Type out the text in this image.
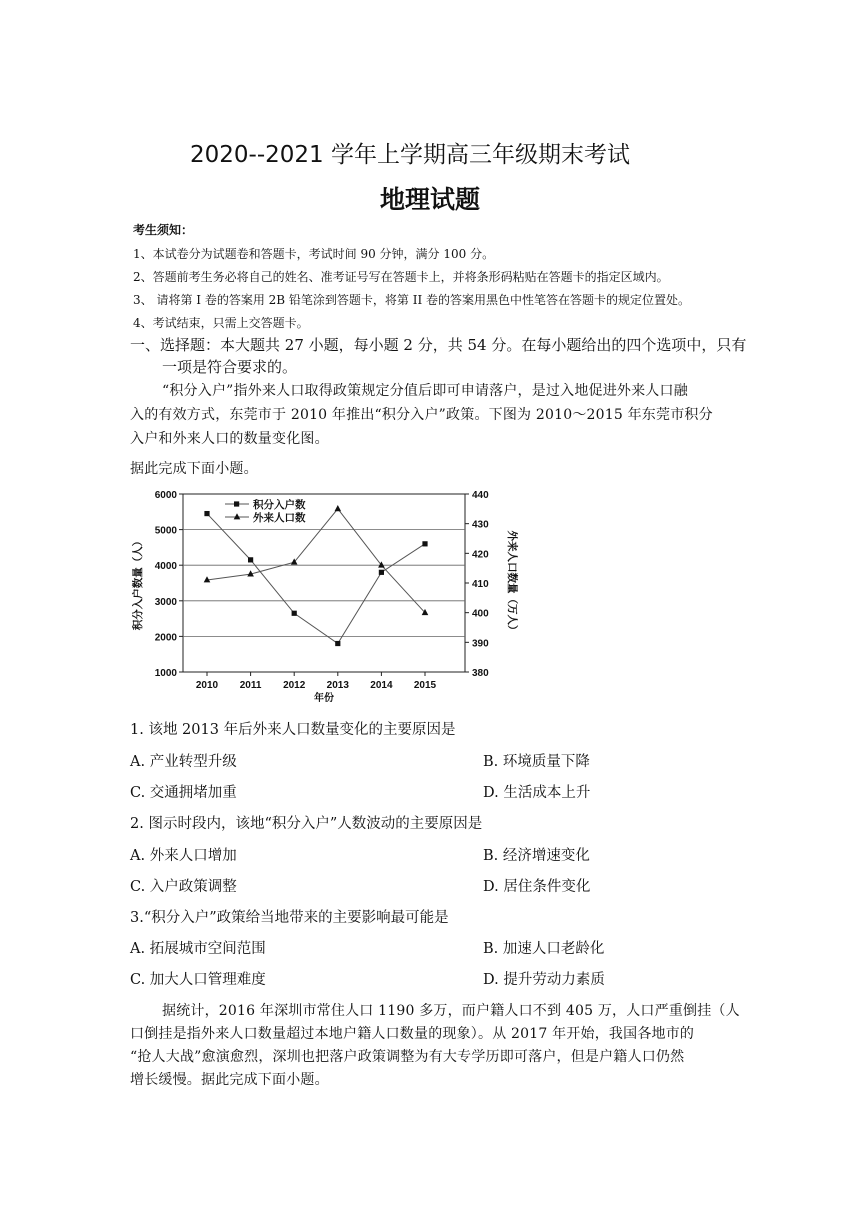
2020--2021 学年上学期高三年级期末考试
地理试题
考生须知：
1、本试卷分为试题卷和答题卡，考试时间 90 分钟，满分 100 分。
2、答题前考生务必将自己的姓名、准考证号写在答题卡上，并将条形码粘贴在答题卡的指定区域内。
3、 请将第 I 卷的答案用 2B 铅笔涂到答题卡，将第 II 卷的答案用黑色中性笔答在答题卡的规定位置处。
4、考试结束，只需上交答题卡。
一、选择题：本大题共 27 小题，每小题 2 分，共 54 分。在每小题给出的四个选项中，只有
一项是符合要求的。
“积分入户”指外来人口取得政策规定分值后即可申请落户，是过入地促进外来人口融
入的有效方式，东莞市于 2010 年推出“积分入户”政策。下图为 2010～2015 年东莞市积分
入户和外来人口的数量变化图。
据此完成下面小题。
1000
2000
3000
4000
5000
6000
380
390
400
410
420
430
440
2010 2011 2012 2013 2014 2015
年份
积分入户数量（人）	外来人口数量（万人）
积分入户数
外来人口数
1. 该地 2013 年后外来人口数量变化的主要原因是
A. 产业转型升级	B. 环境质量下降
C. 交通拥堵加重	D. 生活成本上升
2. 图示时段内，该地“积分入户”人数波动的主要原因是
A. 外来人口增加	B. 经济增速变化
C. 入户政策调整	D. 居住条件变化
3.“积分入户”政策给当地带来的主要影响最可能是
A. 拓展城市空间范围	B. 加速人口老龄化
C. 加大人口管理难度	D. 提升劳动力素质
据统计，2016 年深圳市常住人口 1190 多万，而户籍人口不到 405 万，人口严重倒挂（人
口倒挂是指外来人口数量超过本地户籍人口数量的现象）。从 2017 年开始，我国各地市的
“抢人大战”愈演愈烈，深圳也把落户政策调整为有大专学历即可落户，但是户籍人口仍然
增长缓慢。据此完成下面小题。
